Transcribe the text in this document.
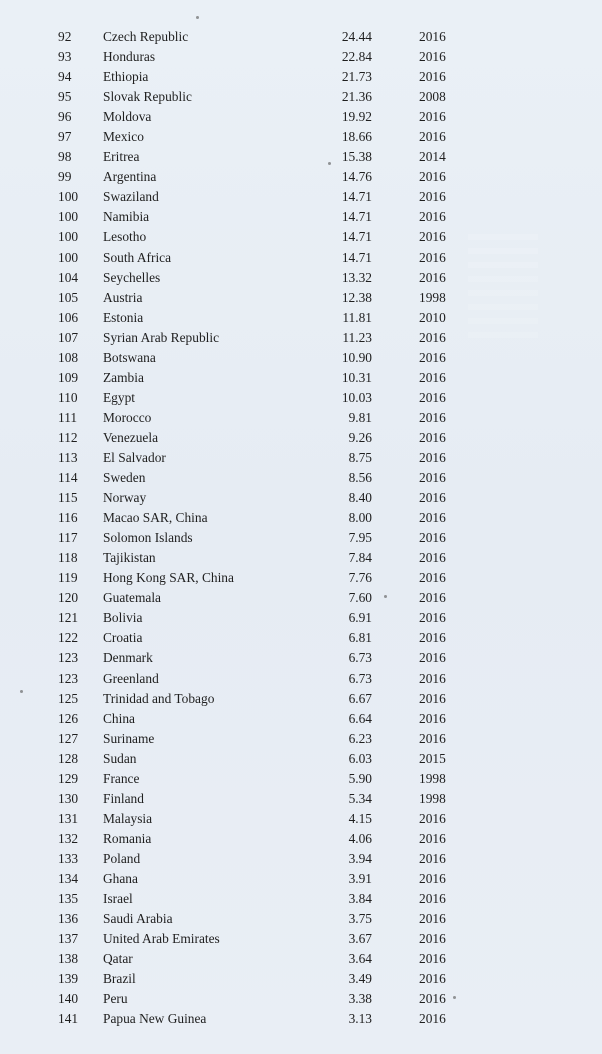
92	Czech Republic	24.44	2016
93	Honduras	22.84	2016
94	Ethiopia	21.73	2016
95	Slovak Republic	21.36	2008
96	Moldova	19.92	2016
97	Mexico	18.66	2016
98	Eritrea	15.38	2014
99	Argentina	14.76	2016
100 Swaziland	14.71	2016
100 Namibia	14.71	2016
100 Lesotho	14.71	2016
100 South Africa	14.71	2016
104 Seychelles	13.32	2016
105 Austria	12.38	1998
106 Estonia	11.81	2010
107 Syrian Arab Republic	11.23	2016
108 Botswana	10.90	2016
109 Zambia	10.31	2016
110	Egypt	10.03	2016
111	Morocco	9.81	2016
112	Venezuela	9.26	2016
113	El Salvador	8.75	2016
114	Sweden	8.56	2016
115	Norway	8.40	2016
116	Macao SAR, China	8.00	2016
117	Solomon Islands	7.95	2016
118	Tajikistan	7.84	2016
119	Hong Kong SAR, China	7.76	2016
120 Guatemala	7.60	2016
121 Bolivia	6.91	2016
122 Croatia	6.81	2016
123 Denmark	6.73	2016
123 Greenland	6.73	2016
125 Trinidad and Tobago	6.67	2016
126 China	6.64	2016
127 Suriname	6.23	2016
128 Sudan	6.03	2015
129 France	5.90	1998
130 Finland	5.34	1998
131 Malaysia	4.15	2016
132 Romania	4.06	2016
133 Poland	3.94	2016
134 Ghana	3.91	2016
135 Israel	3.84	2016
136 Saudi Arabia	3.75	2016
137 United Arab Emirates	3.67	2016
138 Qatar	3.64	2016
139 Brazil	3.49	2016
140 Peru	3.38	2016
141 Papua New Guinea	3.13	2016
